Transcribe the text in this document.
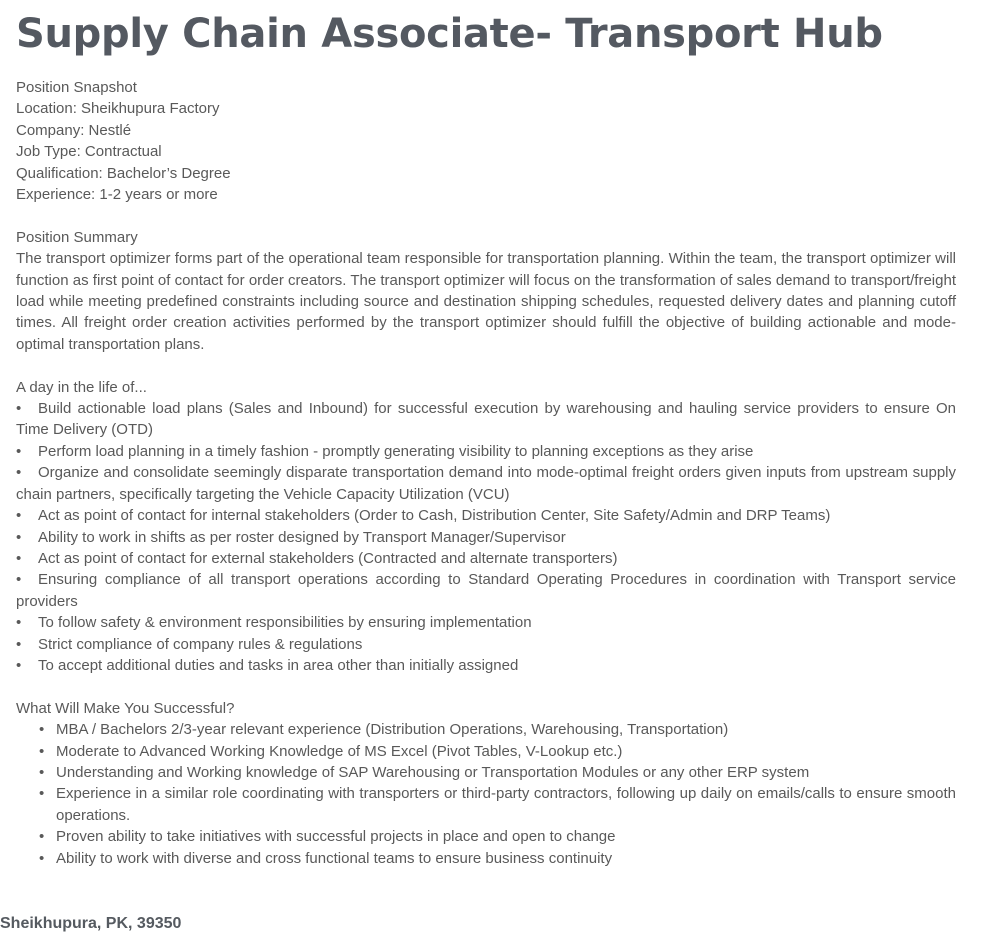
Supply Chain Associate- Transport Hub
Position Snapshot
Location: Sheikhupura Factory
Company: Nestlé
Job Type: Contractual
Qualification: Bachelor’s Degree
Experience: 1-2 years or more
Position Summary
The transport optimizer forms part of the operational team responsible for transportation planning. Within the team, the transport optimizer will function as first point of contact for order creators. The transport optimizer will focus on the transformation of sales demand to transport/freight load while meeting predefined constraints including source and destination shipping schedules, requested delivery dates and planning cutoff times. All freight order creation activities performed by the transport optimizer should fulfill the objective of building actionable and mode-optimal transportation plans.
A day in the life of...
• Build actionable load plans (Sales and Inbound) for successful execution by warehousing and hauling service providers to ensure On Time Delivery (OTD)
• Perform load planning in a timely fashion - promptly generating visibility to planning exceptions as they arise
• Organize and consolidate seemingly disparate transportation demand into mode-optimal freight orders given inputs from upstream supply chain partners, specifically targeting the Vehicle Capacity Utilization (VCU)
• Act as point of contact for internal stakeholders (Order to Cash, Distribution Center, Site Safety/Admin and DRP Teams)
• Ability to work in shifts as per roster designed by Transport Manager/Supervisor
• Act as point of contact for external stakeholders (Contracted and alternate transporters)
• Ensuring compliance of all transport operations according to Standard Operating Procedures in coordination with Transport service providers
• To follow safety & environment responsibilities by ensuring implementation
• Strict compliance of company rules & regulations
• To accept additional duties and tasks in area other than initially assigned
What Will Make You Successful?
• MBA / Bachelors 2/3-year relevant experience (Distribution Operations, Warehousing, Transportation)
• Moderate to Advanced Working Knowledge of MS Excel (Pivot Tables, V-Lookup etc.)
• Understanding and Working knowledge of SAP Warehousing or Transportation Modules or any other ERP system
• Experience in a similar role coordinating with transporters or third-party contractors, following up daily on emails/calls to ensure smooth operations.
• Proven ability to take initiatives with successful projects in place and open to change
• Ability to work with diverse and cross functional teams to ensure business continuity
Sheikhupura, PK, 39350
